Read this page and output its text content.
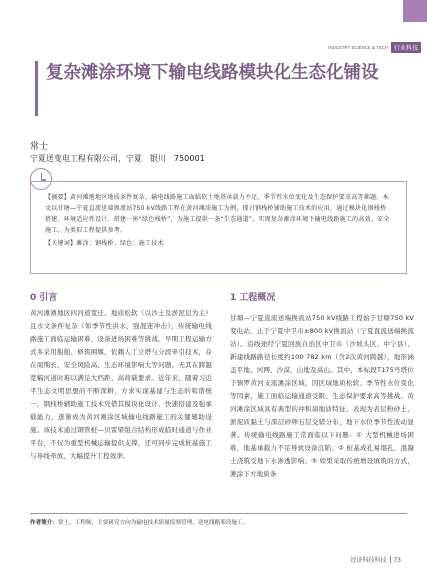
INDUSTRY SCIENCE & TECH	行业科技
复杂滩涂环境下输电线路模块化生态化铺设
常士
宁夏送变电工程有限公司，宁夏　银川　750001

【摘要】黄河滩地地区地质条件复杂，输电线路施工面临软土地基承载力不足、季节性水位变化及生态保护要求高等难题。本文以甘塘—宁夏直流送端换流站750 kV线路工程在黄河滩涂施工为例，探讨钢栈桥铺助施工技术的应用，通过模块化钢栈桥搭建、环境适应性设计、搭建一座“绿色栈桥”，为施工提供一条“生态通道”，实现复杂滩涂环境下输电线路施工的高效、安全施工，为类似工程提供参考。

【关键词】滩涂；钢栈桥；绿色；施工技术

0 引言

黄河滩滩地区四河道宽迁、地质松软（以沙土及淤泥层为主）且水文条件复杂（如季节性洪水、强混迷冲击），传统输电线路施工面临运输困难、设备进场困难等挑战。早期工程运输方式多采用船舶、修筑围堰，依赖人工立塔与分段牵引技术，存在周期长、安全风险高、生态环境影响大等问题。无其在跨越宽幅河道时难以满足大档距、高荷载要求。近年来，随着习近平生态文明思想的不断深耕，方求实现基建与生态的和谐统一，钢栈桥辅助施工技术凭借其模块化设计、快速搭建及强承载能力，逐渐成为黄河滩涂区域输电线路施工的关键辅助设施。该技术通过钢管桩—贝雷梁组合结构形成临时通道与作业平台，不仅为重型机械运输提供支撑，还可同步完成桩基施工与导线牵放，大幅提升工程效率。

1 工程概况

甘塘—宁夏直流送端换流站750 kV线路工程始于甘塘750 kV变电站，止于宁夏中卫市±800 kV换流站（宁夏直流送端换流站）。沿线途经宁夏回族自治区中卫市（沙坡头区、中宁县）、新建线路路径长度约100 782 km（含2次黄河跨越），地形涵盖平地、河网、沙漠、山地及高山。其中，本标段T175号塔位于镇罗黄河支流滩涂区域，因区域地质松软、季节性水位变化等因素，施工面临运输通道受限、生态保护要求高等挑战。黄河滩涂区域具有典型的冲积扇地质特征，表现为表层粉砂土、淤泥质黏土与深层砂卵石层交错分布，地下水位季节性波动显著。传统输电线路施工常面临以下问题：① 大型机械进场困难，地基承载力不足导致设备沉陷；② 桩基成孔易塌孔，混凝土浇筑受地下水渗透影响；③ 如果采取传统增设填筑的方式，滩涂下方地质条

作者简介：常士，工程师，主要研究方向为输电技术质量监察管理、送电线路架设施工。
经济科技科技 73
